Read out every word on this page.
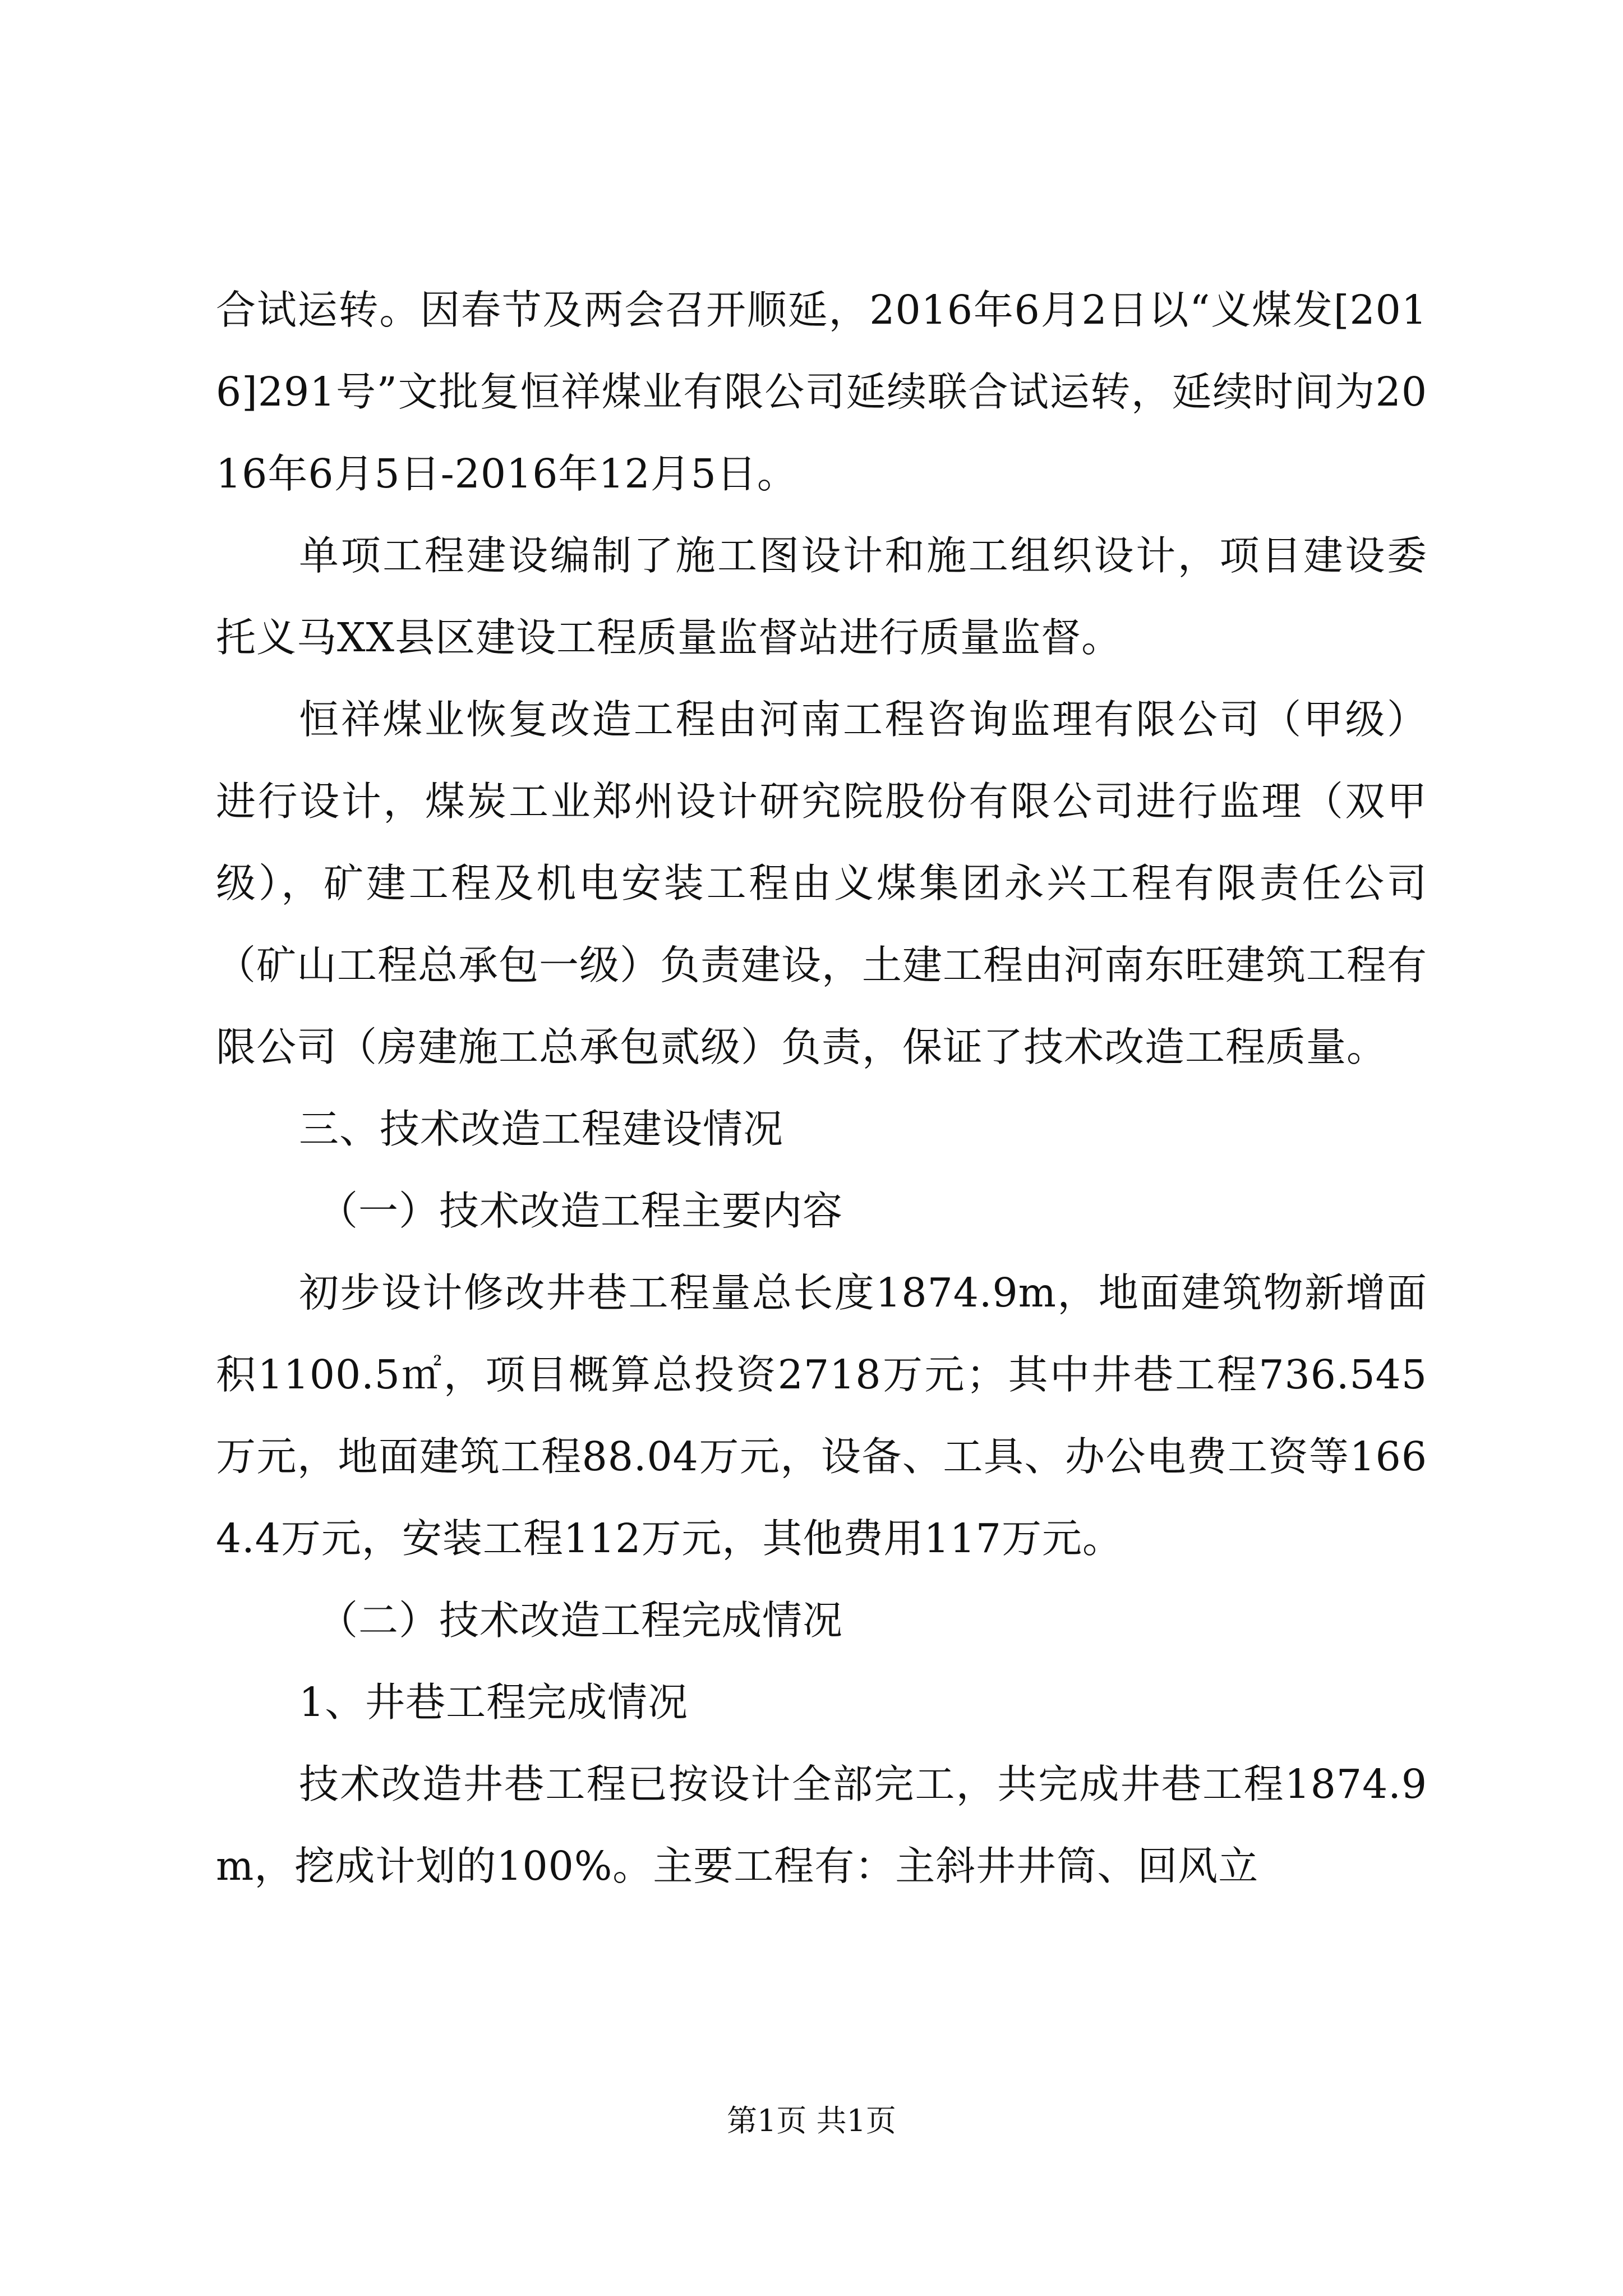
合试运转。因春节及两会召开顺延，2016年6月2日以“义煤发[2016]291号”文批复恒祥煤业有限公司延续联合试运转，延续时间为2016年6月5日-2016年12月5日。

单项工程建设编制了施工图设计和施工组织设计，项目建设委托义马XX县区建设工程质量监督站进行质量监督。

恒祥煤业恢复改造工程由河南工程咨询监理有限公司（甲级）进行设计，煤炭工业郑州设计研究院股份有限公司进行监理（双甲级），矿建工程及机电安装工程由义煤集团永兴工程有限责任公司（矿山工程总承包一级）负责建设，土建工程由河南东旺建筑工程有限公司（房建施工总承包贰级）负责，保证了技术改造工程质量。

三、技术改造工程建设情况

（一）技术改造工程主要内容

初步设计修改井巷工程量总长度1874.9m，地面建筑物新增面积1100.5㎡，项目概算总投资2718万元；其中井巷工程736.545万元，地面建筑工程88.04万元，设备、工具、办公电费工资等1664.4万元，安装工程112万元，其他费用117万元。

（二）技术改造工程完成情况

1、井巷工程完成情况

技术改造井巷工程已按设计全部完工，共完成井巷工程1874.9m，挖成计划的100%。主要工程有：主斜井井筒、回风立

第1页 共1页
